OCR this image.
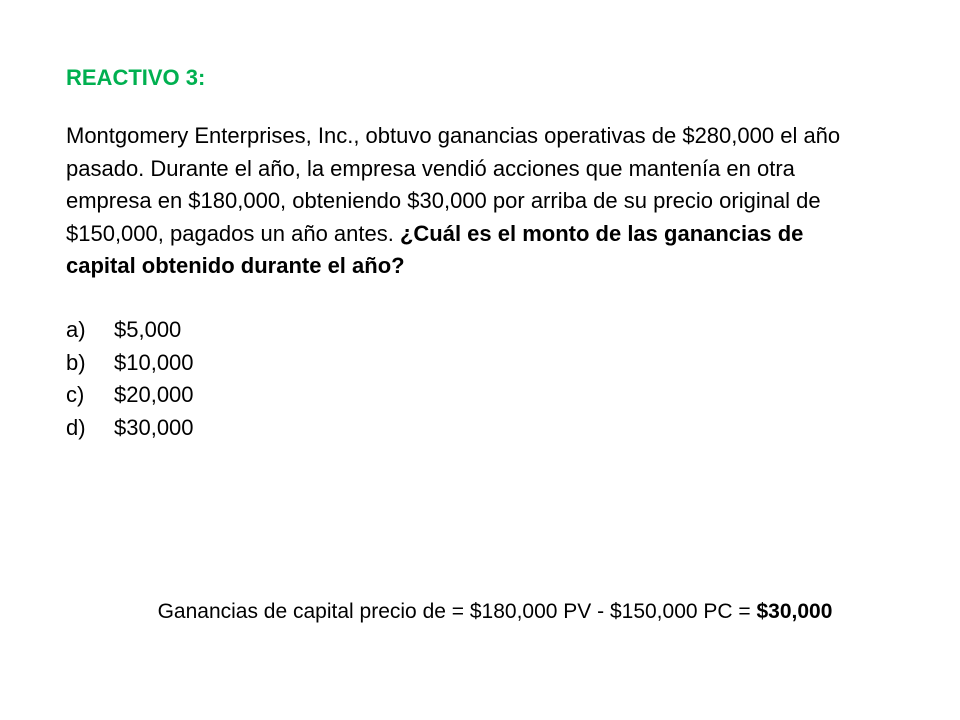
REACTIVO 3:
Montgomery Enterprises, Inc., obtuvo ganancias operativas de $280,000 el año pasado. Durante el año, la empresa vendió acciones que mantenía en otra empresa en $180,000, obteniendo $30,000 por arriba de su precio original de $150,000, pagados un año antes. ¿Cuál es el monto de las ganancias de capital obtenido durante el año?
a)	$5,000
b)	$10,000
c)	$20,000
d)	$30,000
Ganancias de capital precio de = $180,000 PV - $150,000 PC = $30,000
